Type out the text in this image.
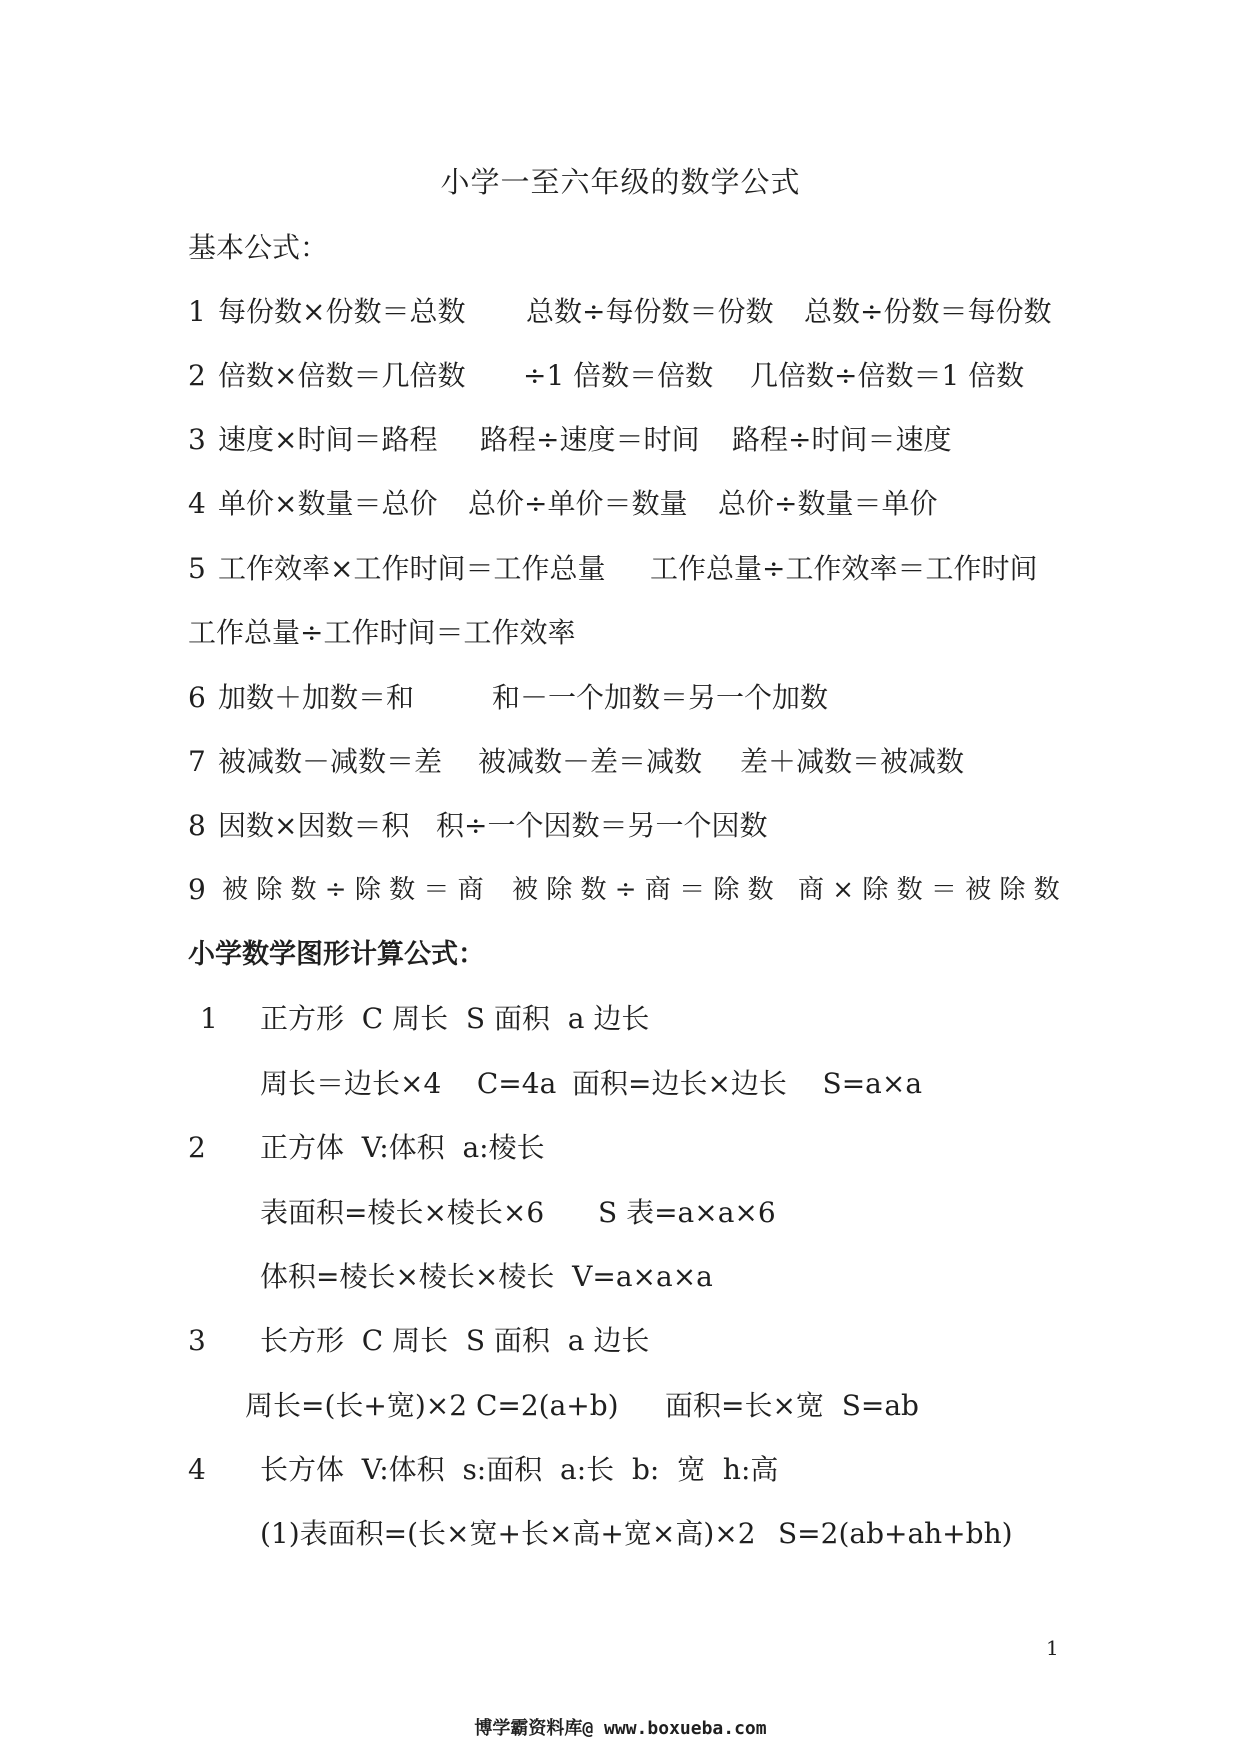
小学一至六年级的数学公式
基本公式：
1 每份数×份数＝总数 总数÷每份数＝份数 总数÷份数＝每份数
2 倍数×倍数＝几倍数 ÷1 倍数＝倍数 几倍数÷倍数＝1 倍数
3 速度×时间＝路程 路程÷速度＝时间 路程÷时间＝速度
4 单价×数量＝总价 总价÷单价＝数量 总价÷数量＝单价
5 工作效率×工作时间＝工作总量 工作总量÷工作效率＝工作时间
工作总量÷工作时间＝工作效率
6 加数＋加数＝和	和－一个加数＝另一个加数
7 被减数－减数＝差 被减数－差＝减数 差＋减数＝被减数
8 因数×因数＝积 积÷一个因数＝另一个因数
9 被 除 数 ÷ 除 数 ＝ 商 被 除 数 ÷ 商 ＝ 除 数 商 × 除 数 ＝ 被 除 数
小学数学图形计算公式：
1 正方形  C 周长  S 面积  a 边长
周长＝边长×4    C=4a 面积=边长×边长    S=a×a
2 正方体  V:体积  a:棱长
表面积=棱长×棱长×6 S 表=a×a×6
体积=棱长×棱长×棱长  V=a×a×a
3 长方形  C 周长  S 面积  a 边长
周长=(长+宽)×2 C=2(a+b) 面积=长×宽  S=ab
4 长方体  V:体积  s:面积  a:长  b:  宽  h:高
(1)表面积=(长×宽+长×高+宽×高)×2 S=2(ab+ah+bh)
1
博学霸资料库@ www.boxueba.com
